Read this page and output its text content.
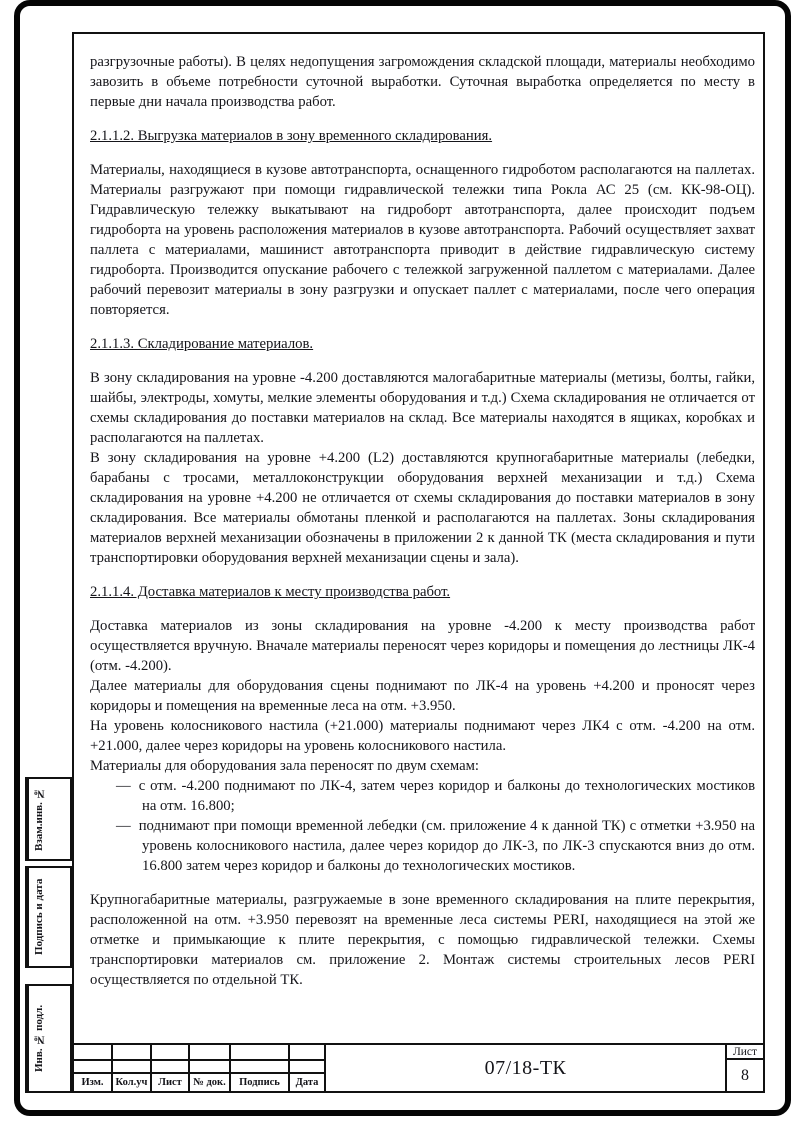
разгрузочные работы). В целях недопущения загромождения складской площади, материалы необходимо завозить в объеме потребности суточной выработки. Суточная выработка определяется по месту в первые дни начала производства работ.

2.1.1.2. Выгрузка материалов в зону временного складирования.

Материалы, находящиеся в кузове автотранспорта, оснащенного гидроботом располагаются на паллетах. Материалы разгружают при помощи гидравлической тележки типа Рокла АС 25 (см. КК-98-ОЦ). Гидравлическую тележку выкатывают на гидроборт автотранспорта, далее происходит подъем гидроборта на уровень расположения материалов в кузове автотранспорта. Рабочий осуществляет захват паллета с материалами, машинист автотранспорта приводит в действие гидравлическую систему гидроборта. Производится опускание рабочего с тележкой загруженной паллетом с материалами. Далее рабочий перевозит материалы в зону разгрузки и опускает паллет с материалами, после чего операция повторяется.

2.1.1.3. Складирование материалов.

В зону складирования на уровне -4.200 доставляются малогабаритные материалы (метизы, болты, гайки, шайбы, электроды, хомуты, мелкие элементы оборудования и т.д.) Схема складирования не отличается от схемы складирования до поставки материалов на склад. Все материалы находятся в ящиках, коробках и располагаются на паллетах.

В зону складирования на уровне +4.200 (L2) доставляются крупногабаритные материалы (лебедки, барабаны с тросами, металлоконструкции оборудования верхней механизации и т.д.) Схема складирования на уровне +4.200 не отличается от схемы складирования до поставки материалов в зону складирования. Все материалы обмотаны пленкой и располагаются на паллетах. Зоны складирования материалов верхней механизации обозначены в приложении 2 к данной ТК (места складирования и пути транспортировки оборудования верхней механизации сцены и зала).

2.1.1.4. Доставка материалов к месту производства работ.

Доставка материалов из зоны складирования на уровне -4.200 к месту производства работ осуществляется вручную. Вначале материалы переносят через коридоры и помещения до лестницы ЛК-4 (отм. -4.200).

Далее материалы для оборудования сцены поднимают по ЛК-4 на уровень +4.200 и проносят через коридоры и помещения на временные леса на отм. +3.950.

На уровень колосникового настила (+21.000) материалы поднимают через ЛК4 с отм. -4.200 на отм. +21.000, далее через коридоры на уровень колосникового настила.

Материалы для оборудования зала переносят по двум схемам:

— с отм. -4.200 поднимают по ЛК-4, затем через коридор и балконы до технологических мостиков на отм. 16.800;

— поднимают при помощи временной лебедки (см. приложение 4 к данной ТК) с отметки +3.950 на уровень колосникового настила, далее через коридор до ЛК-3, по ЛК-3 спускаются вниз до отм. 16.800 затем через коридор и балконы до технологических мостиков.

Крупногабаритные материалы, разгружаемые в зоне временного складирования на плите перекрытия, расположенной на отм. +3.950 перевозят на временные леса системы PERI, находящиеся на этой же отметке и примыкающие к плите перекрытия, с помощью гидравлической тележки. Схемы транспортировки материалов см. приложение 2. Монтаж системы строительных лесов PERI осуществляется по отдельной ТК.

Взам.инв. №
Подпись и дата
Инв. № подл.
Изм.	Кол.уч	Лист	№ док.	Подпись	Дата
07/18-ТК
Лист
8
